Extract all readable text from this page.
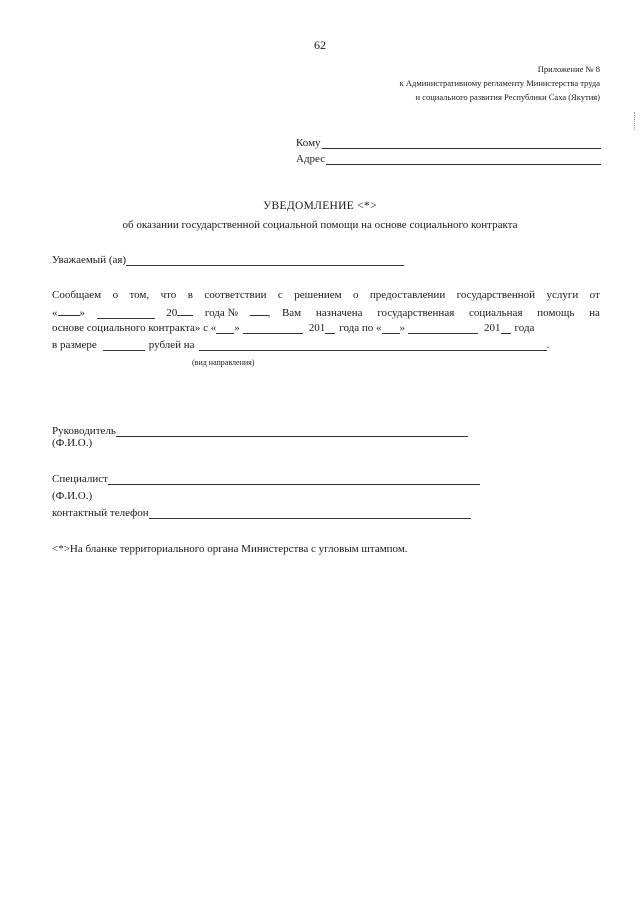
62
Приложение № 8
к Административному регламенту Министерства труда
и социального развития Республики Саха (Якутия)
Кому
Адрес
УВЕДОМЛЕНИЕ <*>
об оказании государственной социальной помощи на основе социального контракта
Уважаемый (ая)
Сообщаем о том, что в соответствии с решением о предоставлении государственной услуги от
« »	20	года №	, Вам назначена государственная социальная помощь на
основе социального контракта» с « »	201 года по « »	201 года
в размере	рублей на	.
(вид направления)
Руководитель
(Ф.И.О.)
Специалист
(Ф.И.О.)
контактный телефон
<*>На бланке территориального органа Министерства с угловым штампом.
